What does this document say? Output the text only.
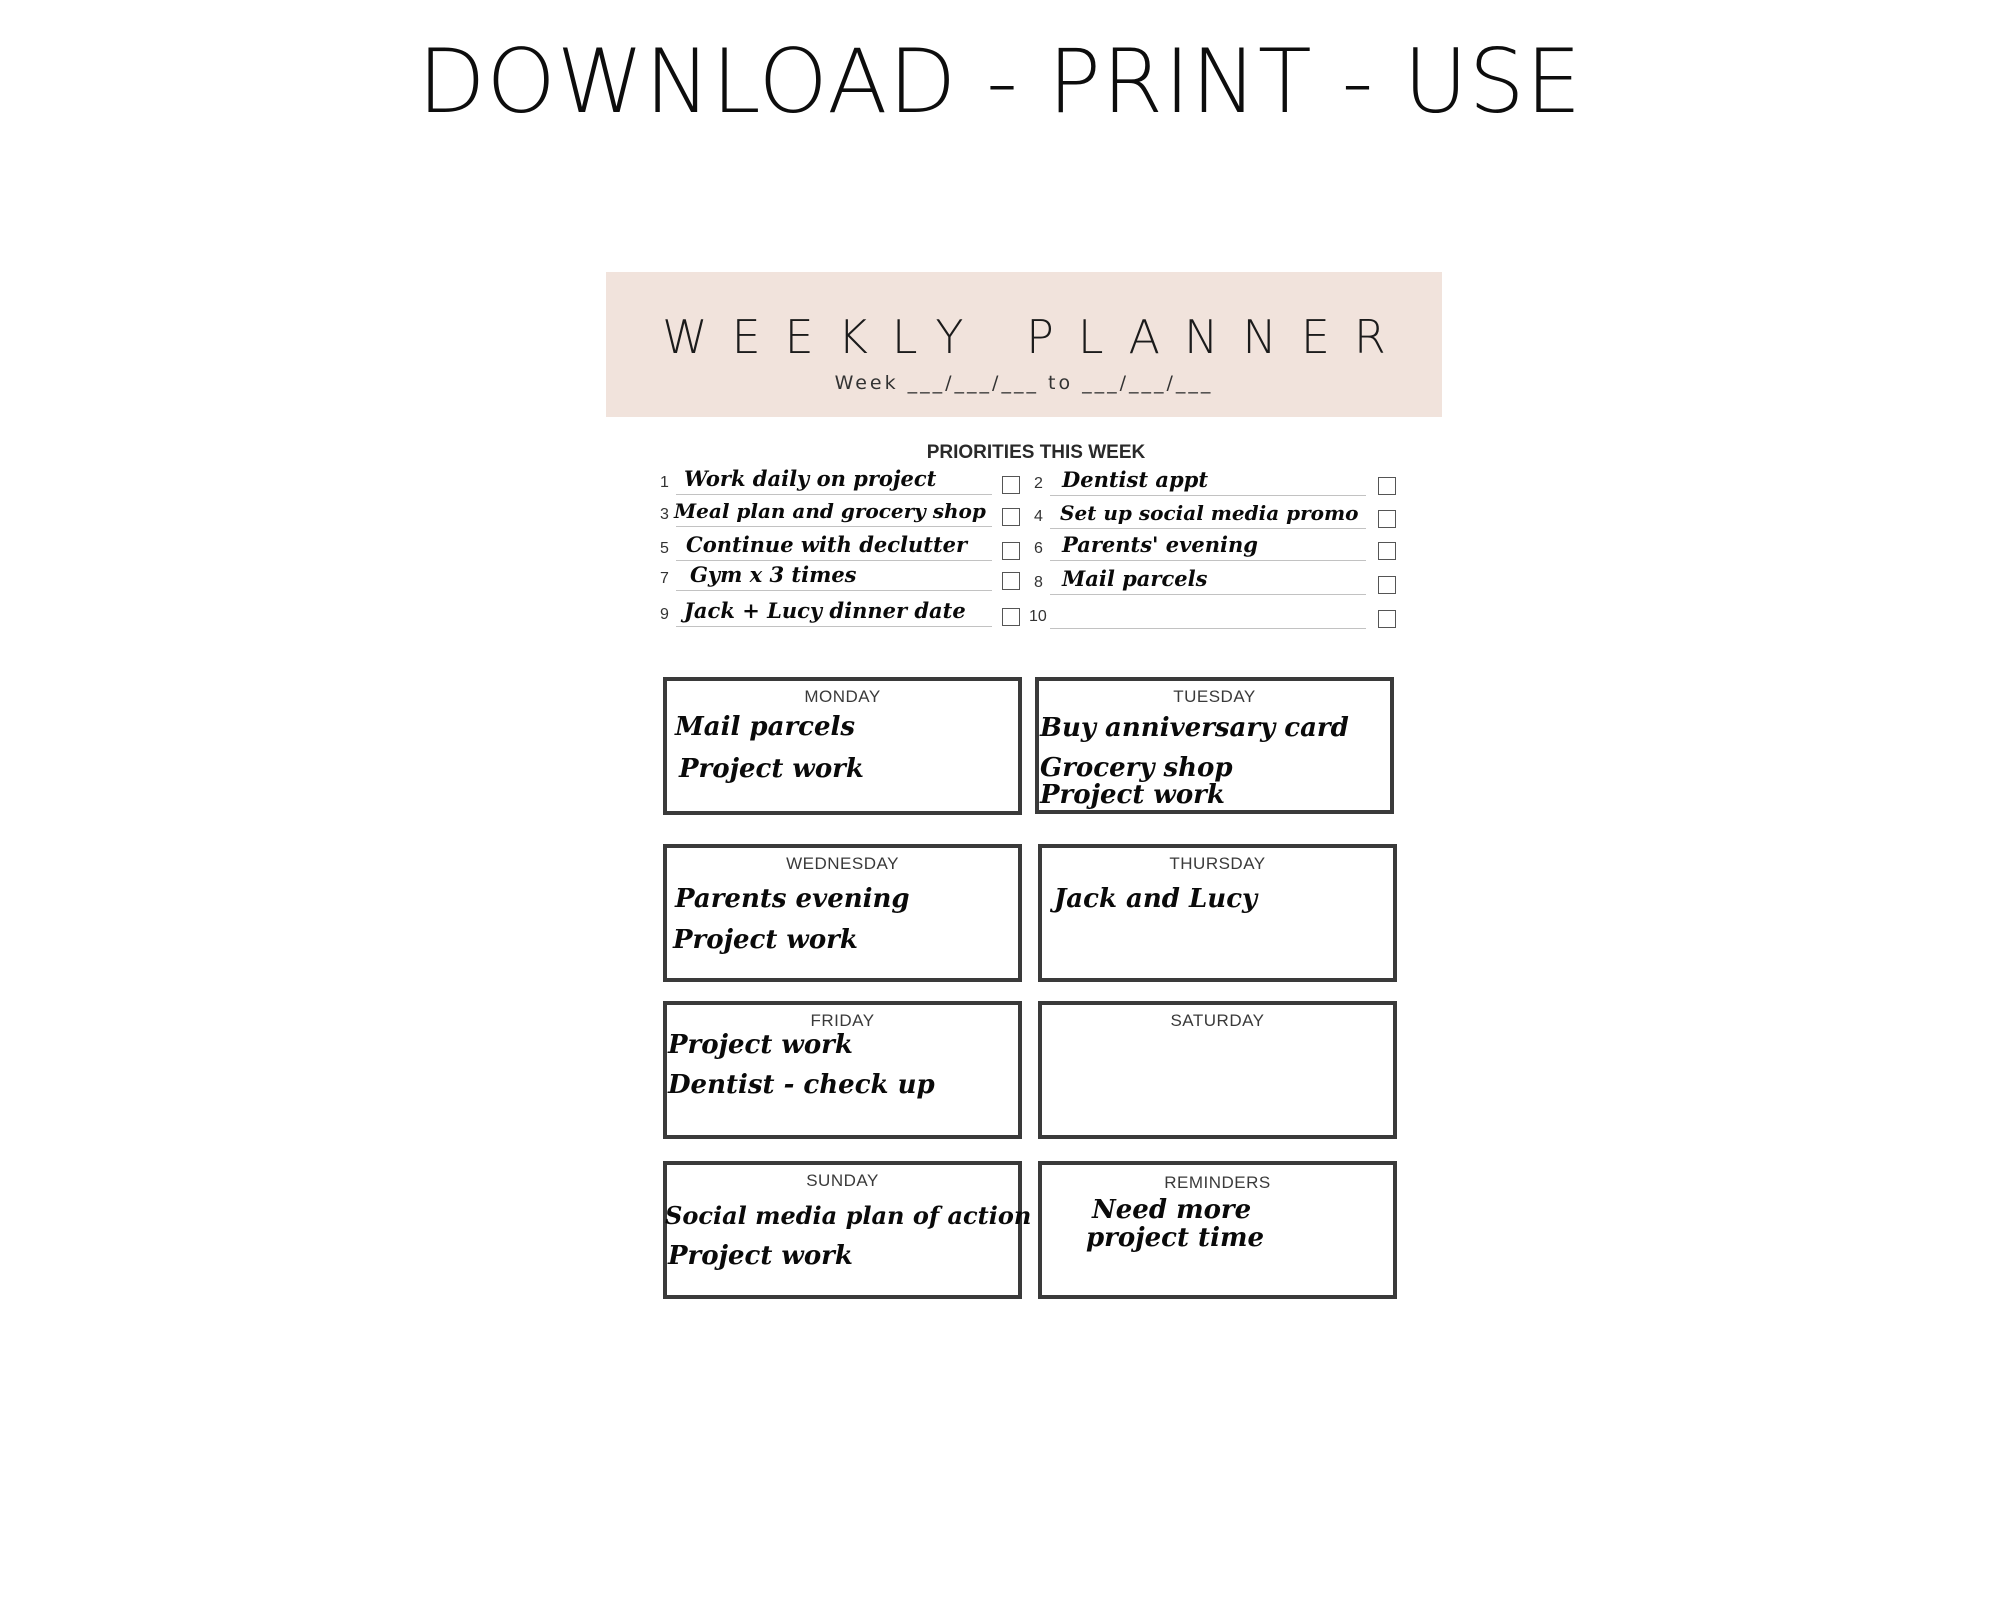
DOWNLOAD - PRINT - USE
WEEKLY PLANNER
Week ___/___/___ to ___/___/___
PRIORITIES THIS WEEK
1 Work daily on project	2 Dentist appt
3 Meal plan and grocery shop	4 Set up social media promo
5 Continue with declutter	6 Parents' evening
7 Gym x 3 times	8 Mail parcels
9 Jack + Lucy dinner date	10
MONDAY
Mail parcels
Project work
TUESDAY
Buy anniversary card
Grocery shop
Project work
WEDNESDAY
Parents evening
Project work
THURSDAY
Jack and Lucy
FRIDAY
Project work
Dentist - check up
SATURDAY
SUNDAY
Social media plan of action
Project work
REMINDERS
Need more
project time
